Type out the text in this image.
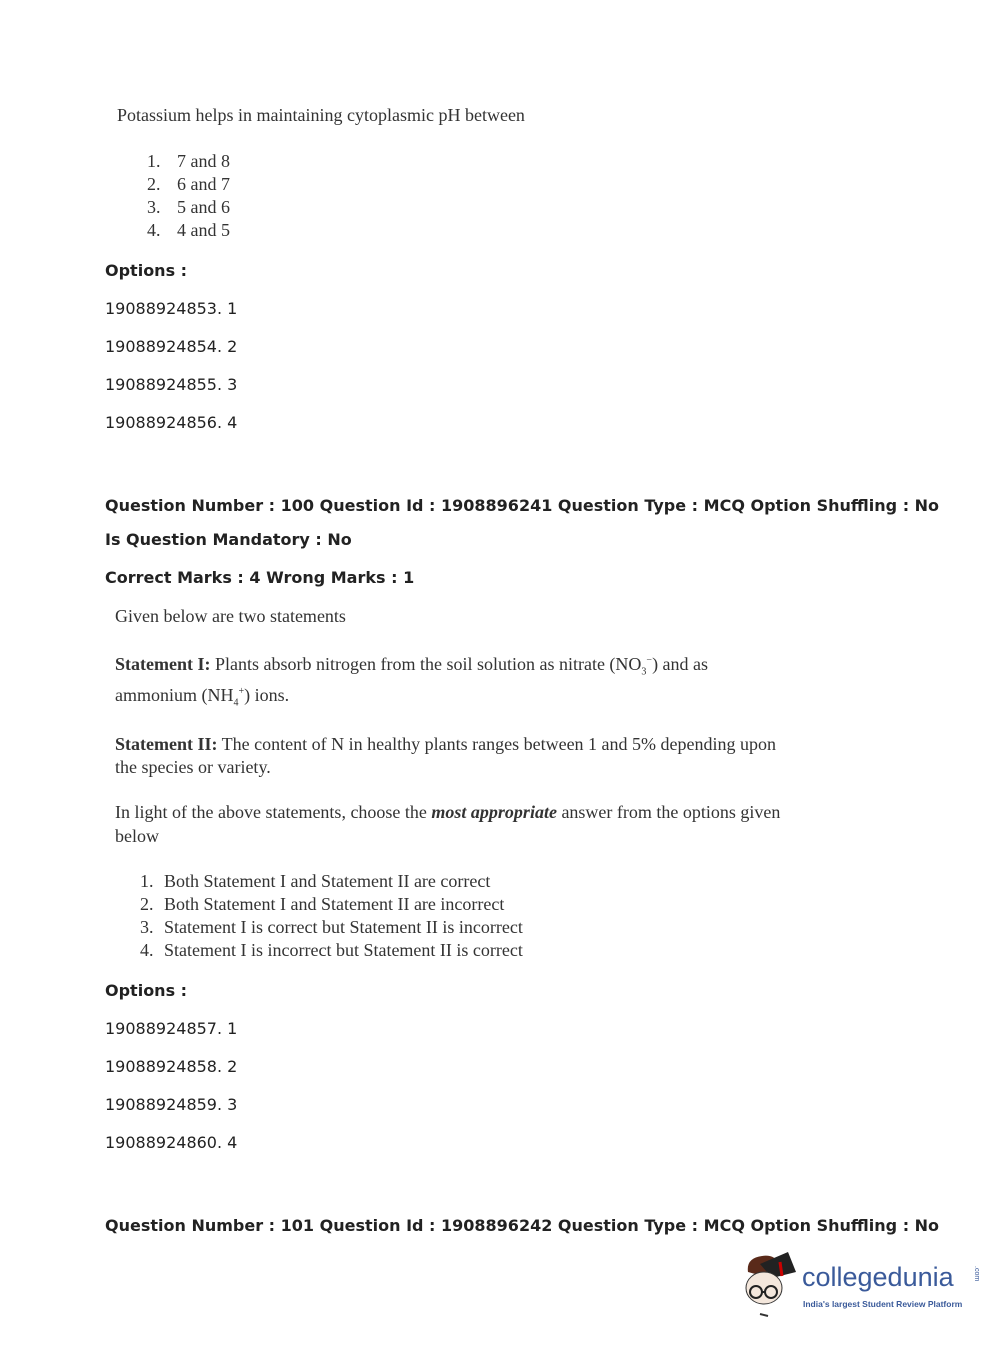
Potassium helps in maintaining cytoplasmic pH between
1. 7 and 8
2. 6 and 7
3. 5 and 6
4. 4 and 5
Options :
19088924853. 1
19088924854. 2
19088924855. 3
19088924856. 4
Question Number : 100 Question Id : 1908896241 Question Type : MCQ Option Shuffling : No
Is Question Mandatory : No
Correct Marks : 4 Wrong Marks : 1
Given below are two statements
Statement I: Plants absorb nitrogen from the soil solution as nitrate $(NO_3^-)$ and as
ammonium $(NH_4^+)$ ions.
Statement II: The content of N in healthy plants ranges between 1 and 5% depending upon
the species or variety.
In light of the above statements, choose the most appropriate answer from the options given
below
1. Both Statement I and Statement II are correct
2. Both Statement I and Statement II are incorrect
3. Statement I is correct but Statement II is incorrect
4. Statement I is incorrect but Statement II is correct
Options :
19088924857. 1
19088924858. 2
19088924859. 3
19088924860. 4
Question Number : 101 Question Id : 1908896242 Question Type : MCQ Option Shuffling : No
collegedunia	.com
India's largest Student Review Platform
